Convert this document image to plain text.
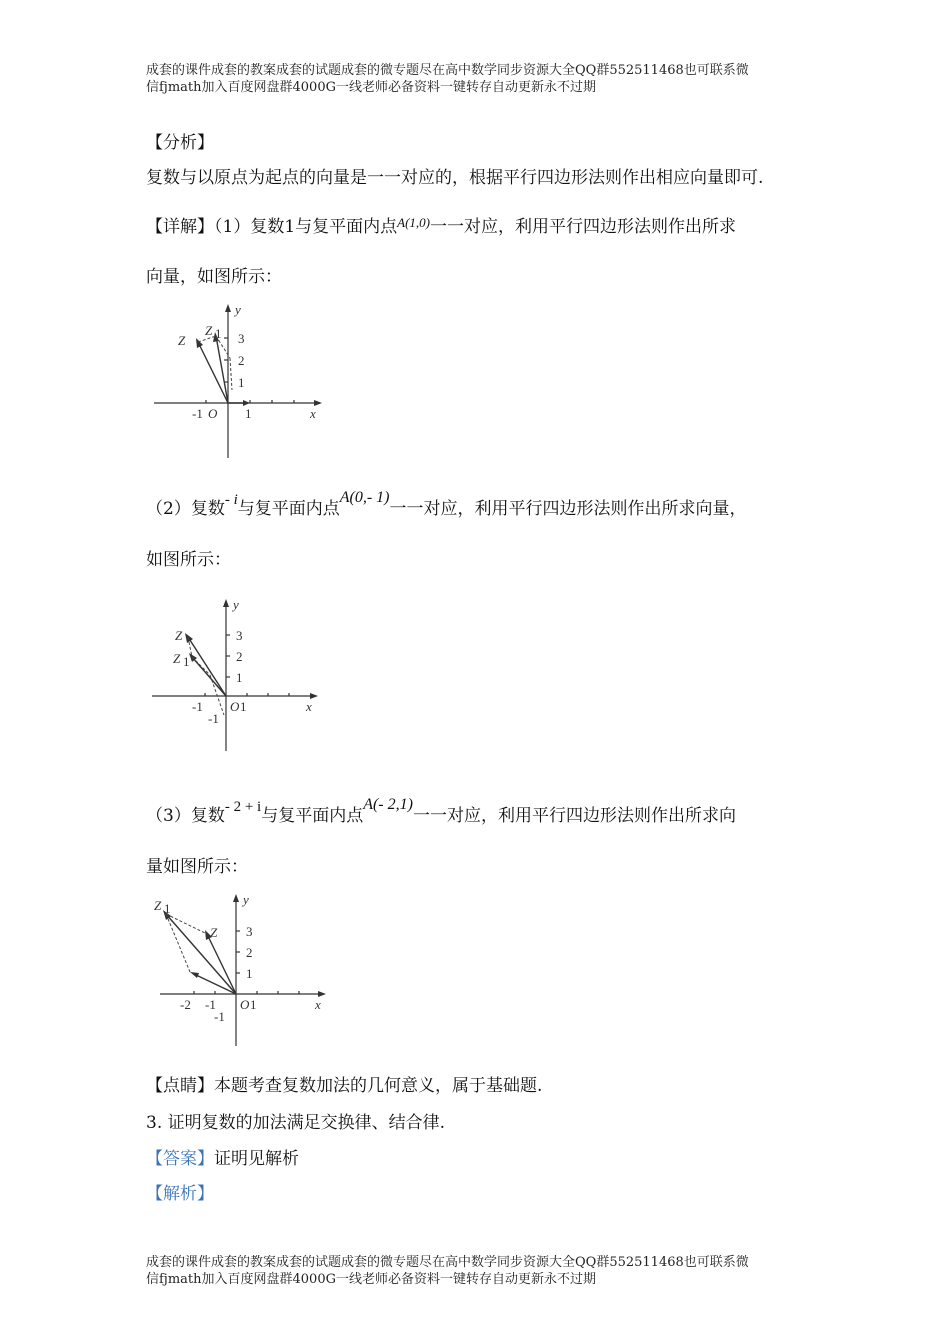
成套的课件成套的教案成套的试题成套的微专题尽在高中数学同步资源大全QQ群552511468也可联系微
信fjmath加入百度网盘群4000G一线老师必备资料一键转存自动更新永不过期
【分析】
复数与以原点为起点的向量是一一对应的，根据平行四边形法则作出相应向量即可.
【详解】（1）复数1与复平面内点$^{A(1,0)}$一一对应，利用平行四边形法则作出所求
向量，如图所示：
y
x
O
3
2
1
-1	1
Z
Z 1
（2）复数- i与复平面内点A(0,- 1)一一对应，利用平行四边形法则作出所求向量，
如图所示：
y
x
O 1
3
2
1
-1
-1
Z
Z 1
（3）复数- 2 + i与复平面内点A(- 2,1)一一对应，利用平行四边形法则作出所求向
量如图所示：
y
x
O 1
3
2
1
-2 -1
-1
Z 1
Z
【点睛】本题考查复数加法的几何意义，属于基础题.
3. 证明复数的加法满足交换律、结合律.
【答案】证明见解析
【解析】
成套的课件成套的教案成套的试题成套的微专题尽在高中数学同步资源大全QQ群552511468也可联系微
信fjmath加入百度网盘群4000G一线老师必备资料一键转存自动更新永不过期
